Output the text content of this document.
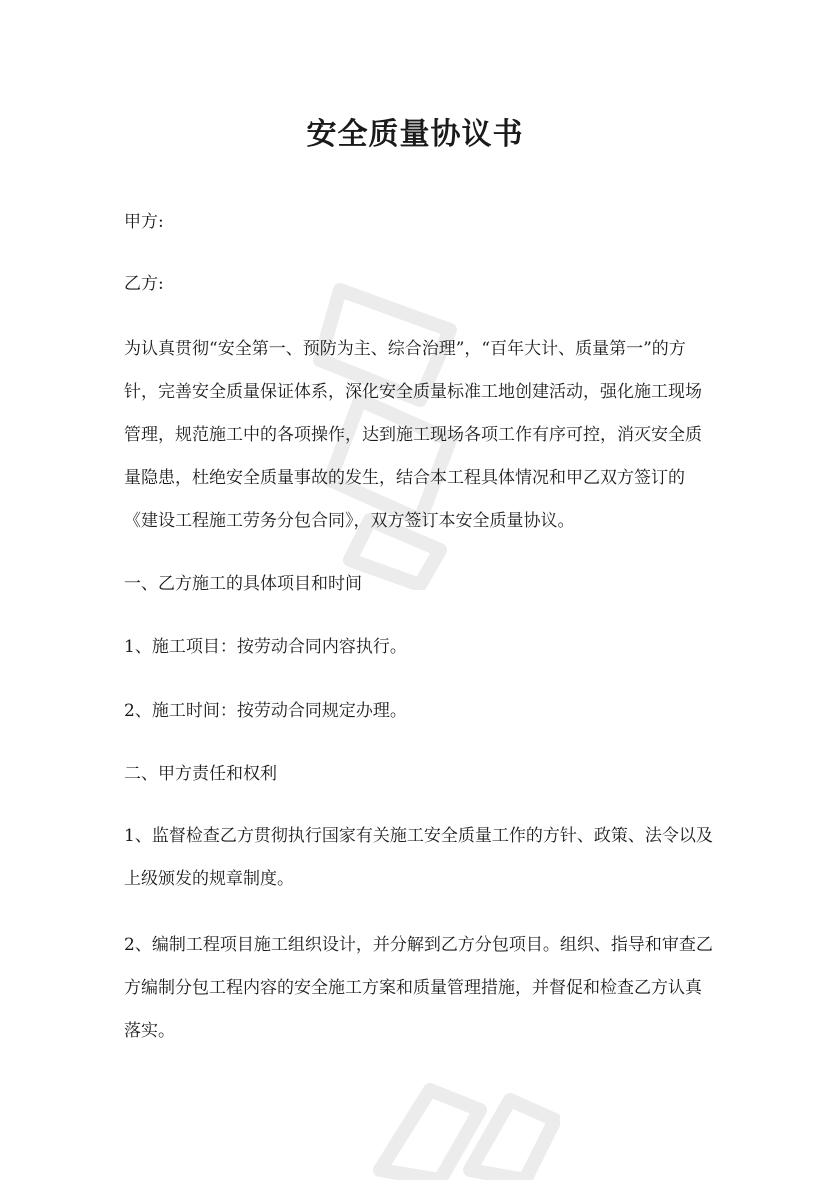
安全质量协议书

甲方:

乙方:

为认真贯彻“安全第一、预防为主、综合治理”，“百年大计、质量第一”的方针，完善安全质量保证体系，深化安全质量标准工地创建活动，强化施工现场管理，规范施工中的各项操作，达到施工现场各项工作有序可控，消灭安全质量隐患，杜绝安全质量事故的发生，结合本工程具体情况和甲乙双方签订的《建设工程施工劳务分包合同》，双方签订本安全质量协议。

一、乙方施工的具体项目和时间

1、施工项目：按劳动合同内容执行。

2、施工时间：按劳动合同规定办理。

二、甲方责任和权利

1、监督检查乙方贯彻执行国家有关施工安全质量工作的方针、政策、法令以及上级颁发的规章制度。

2、编制工程项目施工组织设计，并分解到乙方分包项目。组织、指导和审查乙方编制分包工程内容的安全施工方案和质量管理措施，并督促和检查乙方认真落实。
